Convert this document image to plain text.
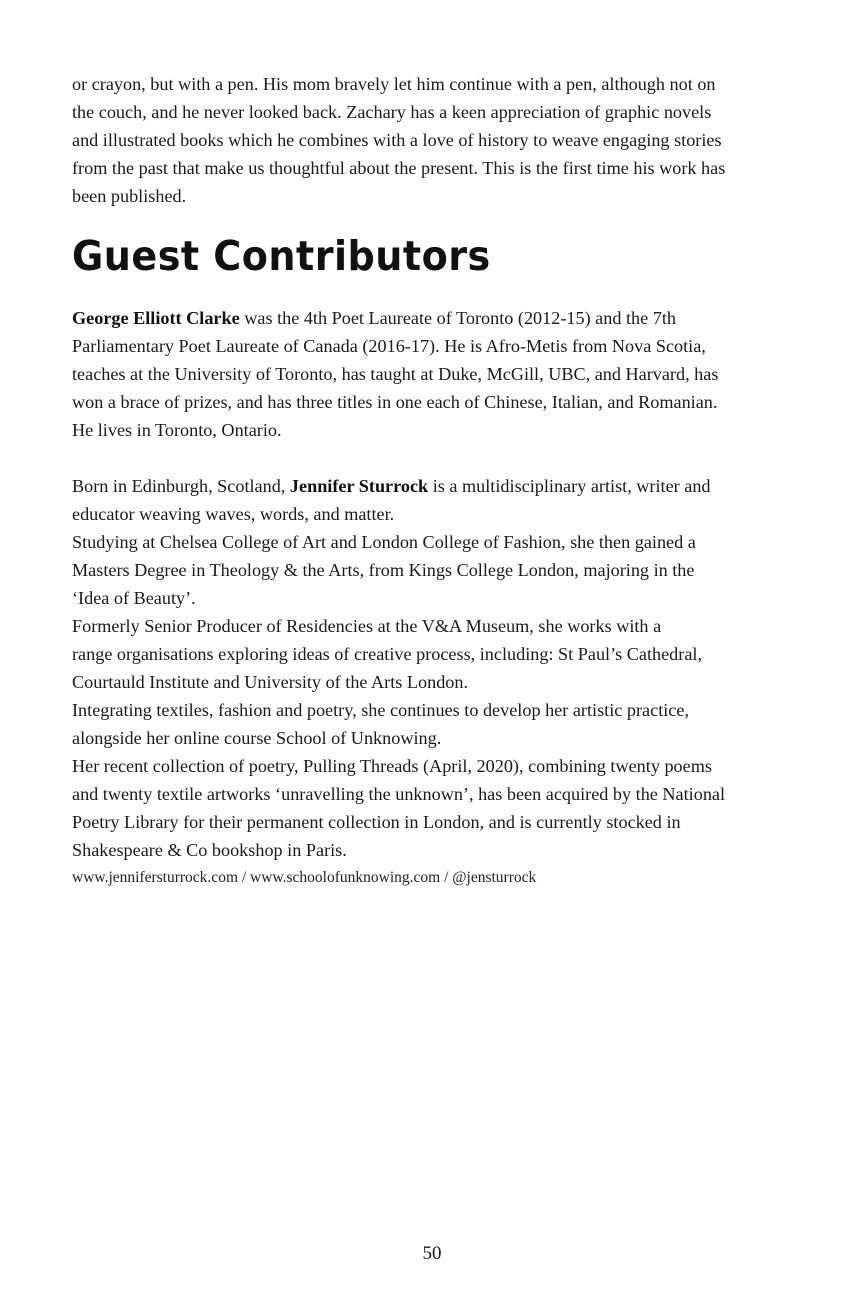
or crayon, but with a pen. His mom bravely let him continue with a pen, although not on
the couch, and he never looked back. Zachary has a keen appreciation of graphic novels
and illustrated books which he combines with a love of history to weave engaging stories
from the past that make us thoughtful about the present. This is the first time his work has
been published.

Guest Contributors

George Elliott Clarke was the 4th Poet Laureate of Toronto (2012-15) and the 7th
Parliamentary Poet Laureate of Canada (2016-17). He is Afro-Metis from Nova Scotia,
teaches at the University of Toronto, has taught at Duke, McGill, UBC, and Harvard, has
won a brace of prizes, and has three titles in one each of Chinese, Italian, and Romanian.
He lives in Toronto, Ontario.

Born in Edinburgh, Scotland, Jennifer Sturrock is a multidisciplinary artist, writer and
educator weaving waves, words, and matter.
Studying at Chelsea College of Art and London College of Fashion, she then gained a
Masters Degree in Theology & the Arts, from Kings College London, majoring in the
‘Idea of Beauty’.
Formerly Senior Producer of Residencies at the V&A Museum, she works with a
range organisations exploring ideas of creative process, including: St Paul’s Cathedral,
Courtauld Institute and University of the Arts London.
Integrating textiles, fashion and poetry, she continues to develop her artistic practice,
alongside her online course School of Unknowing.
Her recent collection of poetry, Pulling Threads (April, 2020), combining twenty poems
and twenty textile artworks ‘unravelling the unknown’, has been acquired by the National
Poetry Library for their permanent collection in London, and is currently stocked in
Shakespeare & Co bookshop in Paris.

www.jennifersturrock.com / www.schoolofunknowing.com / @jensturrock

50
